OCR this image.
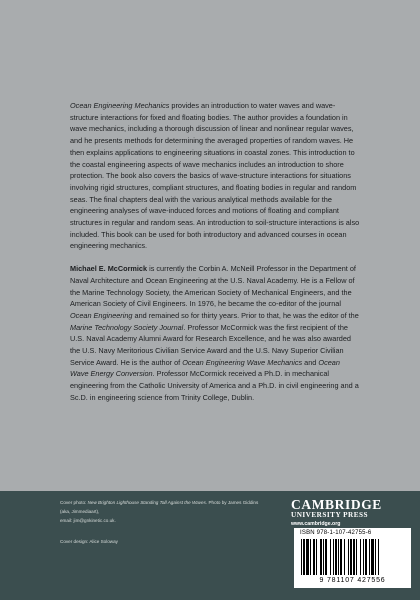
Ocean Engineering Mechanics provides an introduction to water waves and wave-structure interactions for fixed and floating bodies. The author provides a foundation in wave mechanics, including a thorough discussion of linear and nonlinear regular waves, and he presents methods for determining the averaged properties of random waves. He then explains applications to engineering situations in coastal zones. This introduction to the coastal engineering aspects of wave mechanics includes an introduction to shore protection. The book also covers the basics of wave-structure interactions for situations involving rigid structures, compliant structures, and floating bodies in regular and random seas. The final chapters deal with the various analytical methods available for the engineering analyses of wave-induced forces and motions of floating and compliant structures in regular and random seas. An introduction to soil-structure interactions is also included. This book can be used for both introductory and advanced courses in ocean engineering mechanics.

Michael E. McCormick is currently the Corbin A. McNeill Professor in the Department of Naval Architecture and Ocean Engineering at the U.S. Naval Academy. He is a Fellow of the Marine Technology Society, the American Society of Mechanical Engineers, and the American Society of Civil Engineers. In 1976, he became the co-editor of the journal Ocean Engineering and remained so for thirty years. Prior to that, he was the editor of the Marine Technology Society Journal. Professor McCormick was the first recipient of the U.S. Naval Academy Alumni Award for Research Excellence, and he was also awarded the U.S. Navy Meritorious Civilian Service Award and the U.S. Navy Superior Civilian Service Award. He is the author of Ocean Engineering Wave Mechanics and Ocean Wave Energy Conversion. Professor McCormick received a Ph.D. in mechanical engineering from the Catholic University of America and a Ph.D. in civil engineering and a Sc.D. in engineering science from Trinity College, Dublin.

Cover photo: New Brighton Lighthouse Standing Tall Against the Waves. Photo by James Giddins (aka, Jimmediaart),
email: jim@gnkinetic.co.uk.
Cover design: Alice Soloway
CAMBRIDGE
UNIVERSITY PRESS
www.cambridge.org
ISBN 978-1-107-42755-6
9 781107 427556
